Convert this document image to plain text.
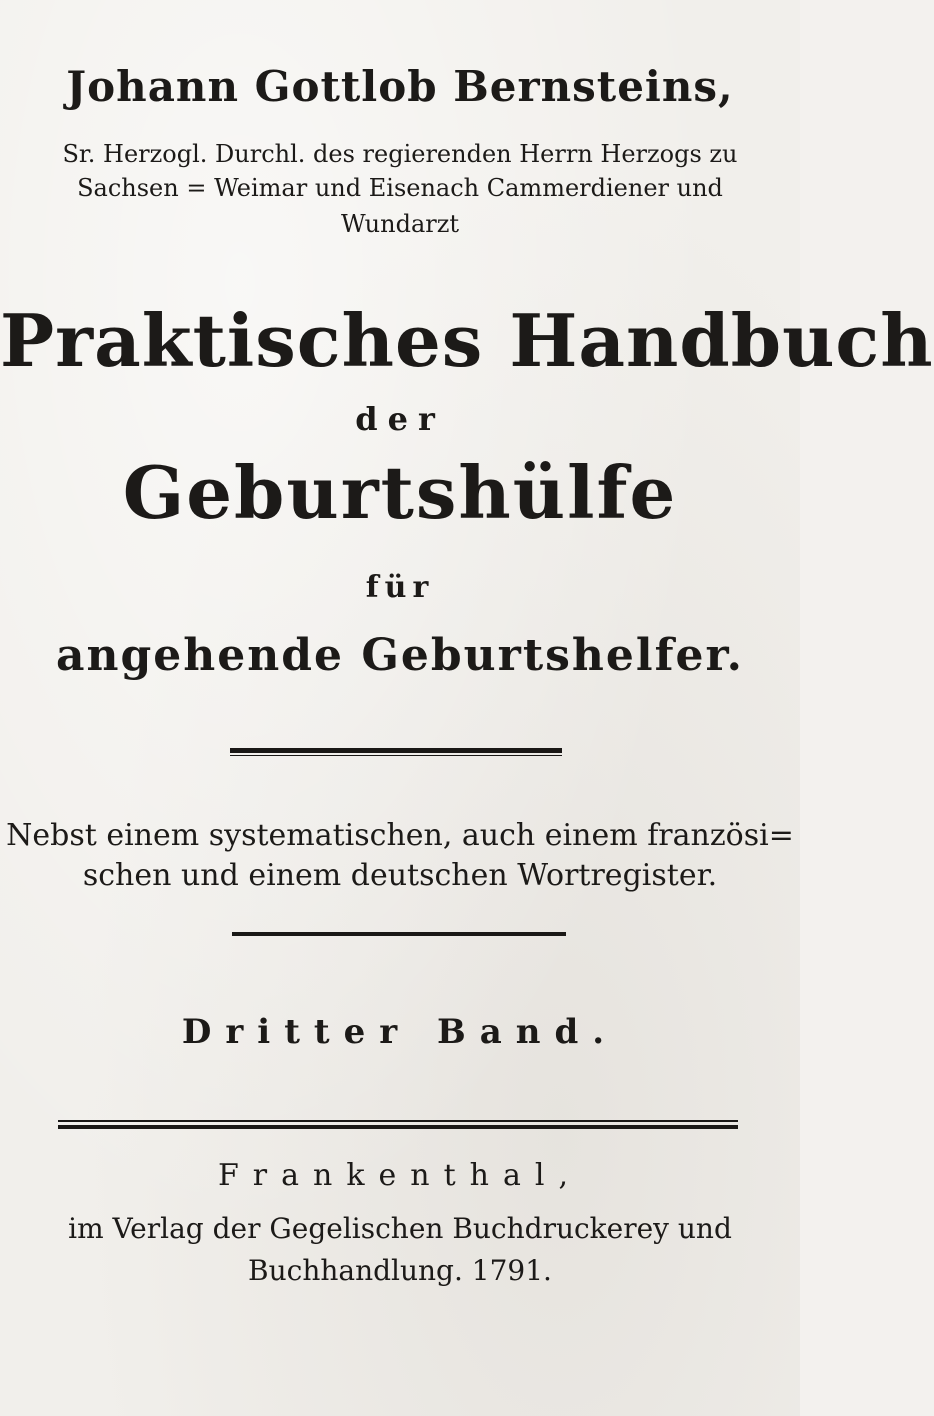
Johann Gottlob Bernsteins,
Sr. Herzogl. Durchl. des regierenden Herrn Herzogs zu
Sachsen = Weimar und Eisenach Cammerdiener und
Wundarzt
Praktisches Handbuch
der
Geburtshülfe
für
angehende Geburtshelfer.
Nebst einem systematischen, auch einem französi=
schen und einem deutschen Wortregister.
Dritter Band.
Frankenthal,
im Verlag der Gegelischen Buchdruckerey und
Buchhandlung. 1791.
